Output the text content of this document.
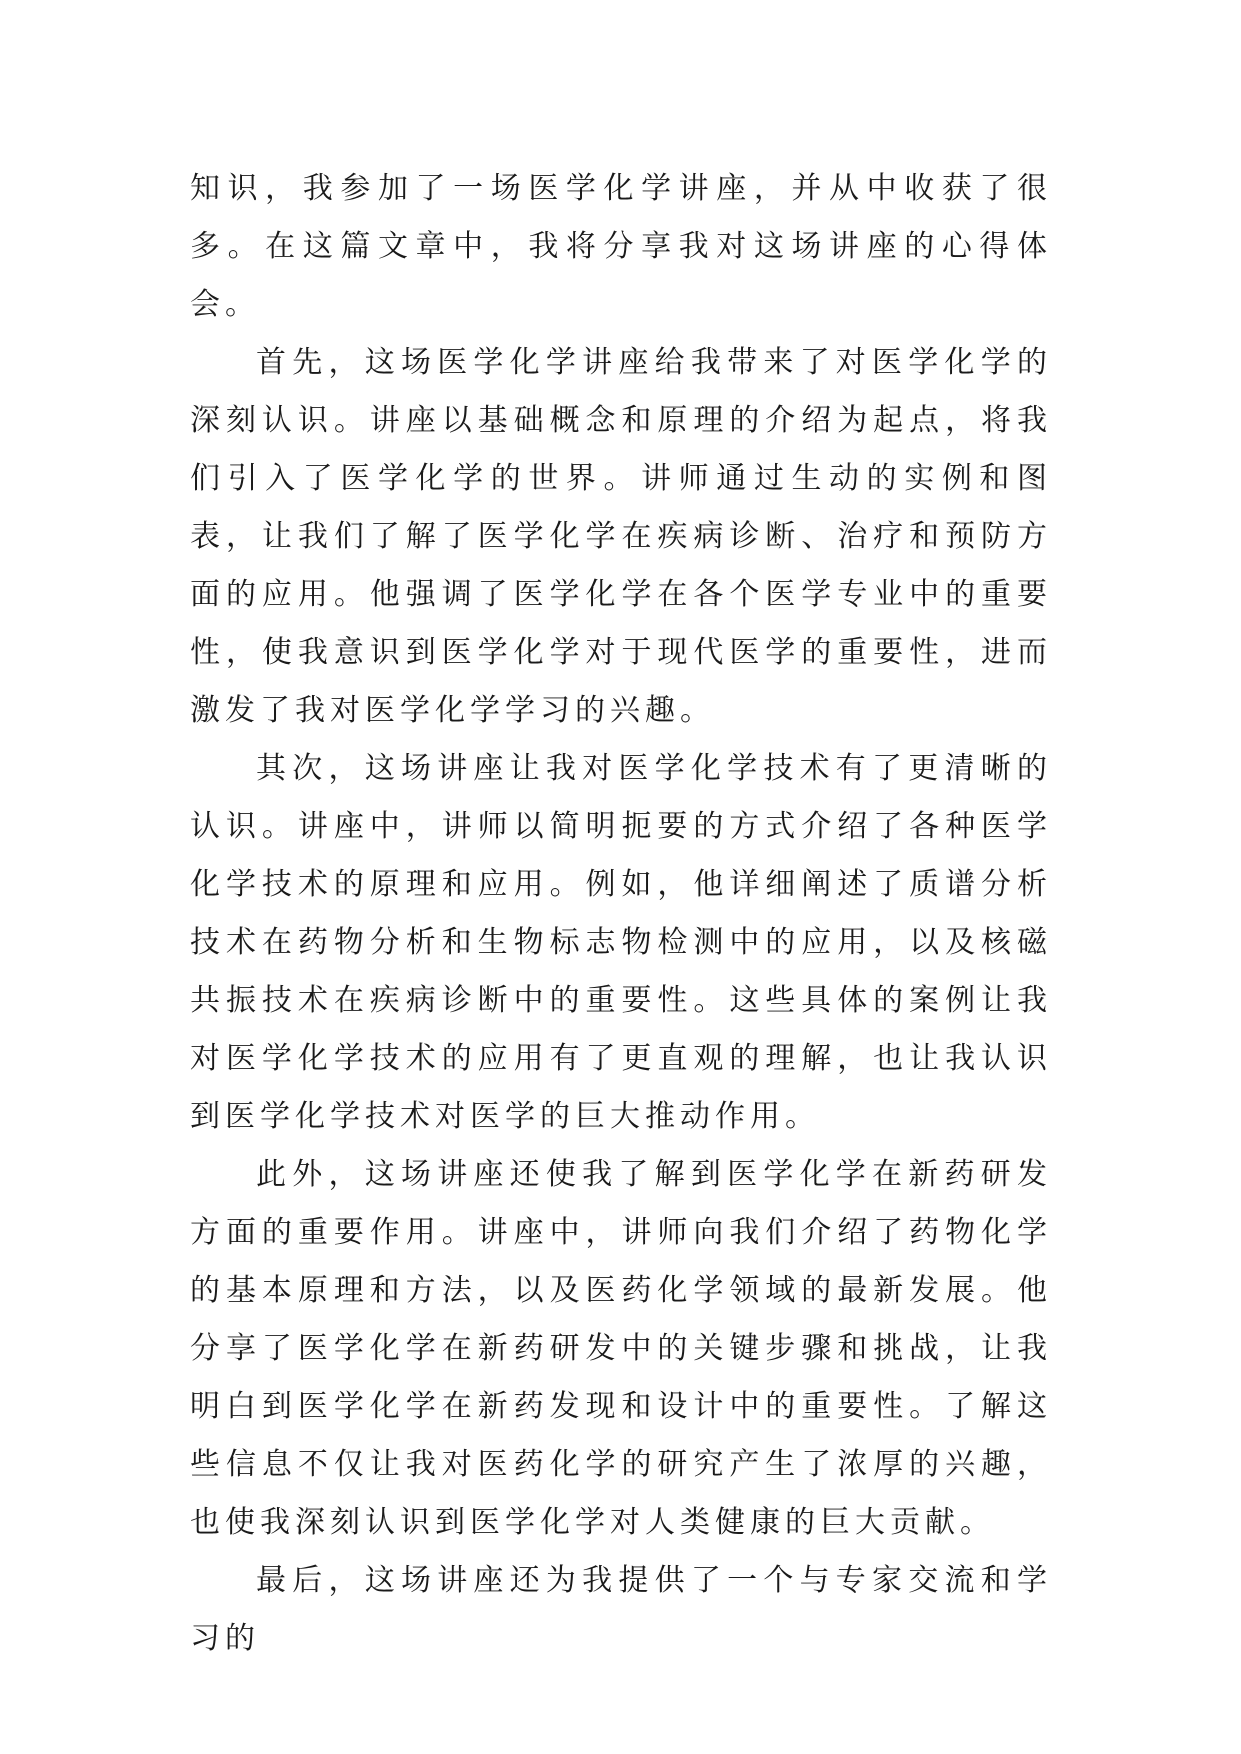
知识，我参加了一场医学化学讲座，并从中收获了很多。在这篇文章中，我将分享我对这场讲座的心得体会。

首先，这场医学化学讲座给我带来了对医学化学的深刻认识。讲座以基础概念和原理的介绍为起点，将我们引入了医学化学的世界。讲师通过生动的实例和图表，让我们了解了医学化学在疾病诊断、治疗和预防方面的应用。他强调了医学化学在各个医学专业中的重要性，使我意识到医学化学对于现代医学的重要性，进而激发了我对医学化学学习的兴趣。

其次，这场讲座让我对医学化学技术有了更清晰的认识。讲座中，讲师以简明扼要的方式介绍了各种医学化学技术的原理和应用。例如，他详细阐述了质谱分析技术在药物分析和生物标志物检测中的应用，以及核磁共振技术在疾病诊断中的重要性。这些具体的案例让我对医学化学技术的应用有了更直观的理解，也让我认识到医学化学技术对医学的巨大推动作用。

此外，这场讲座还使我了解到医学化学在新药研发方面的重要作用。讲座中，讲师向我们介绍了药物化学的基本原理和方法，以及医药化学领域的最新发展。他分享了医学化学在新药研发中的关键步骤和挑战，让我明白到医学化学在新药发现和设计中的重要性。了解这些信息不仅让我对医药化学的研究产生了浓厚的兴趣，也使我深刻认识到医学化学对人类健康的巨大贡献。

最后，这场讲座还为我提供了一个与专家交流和学习的
